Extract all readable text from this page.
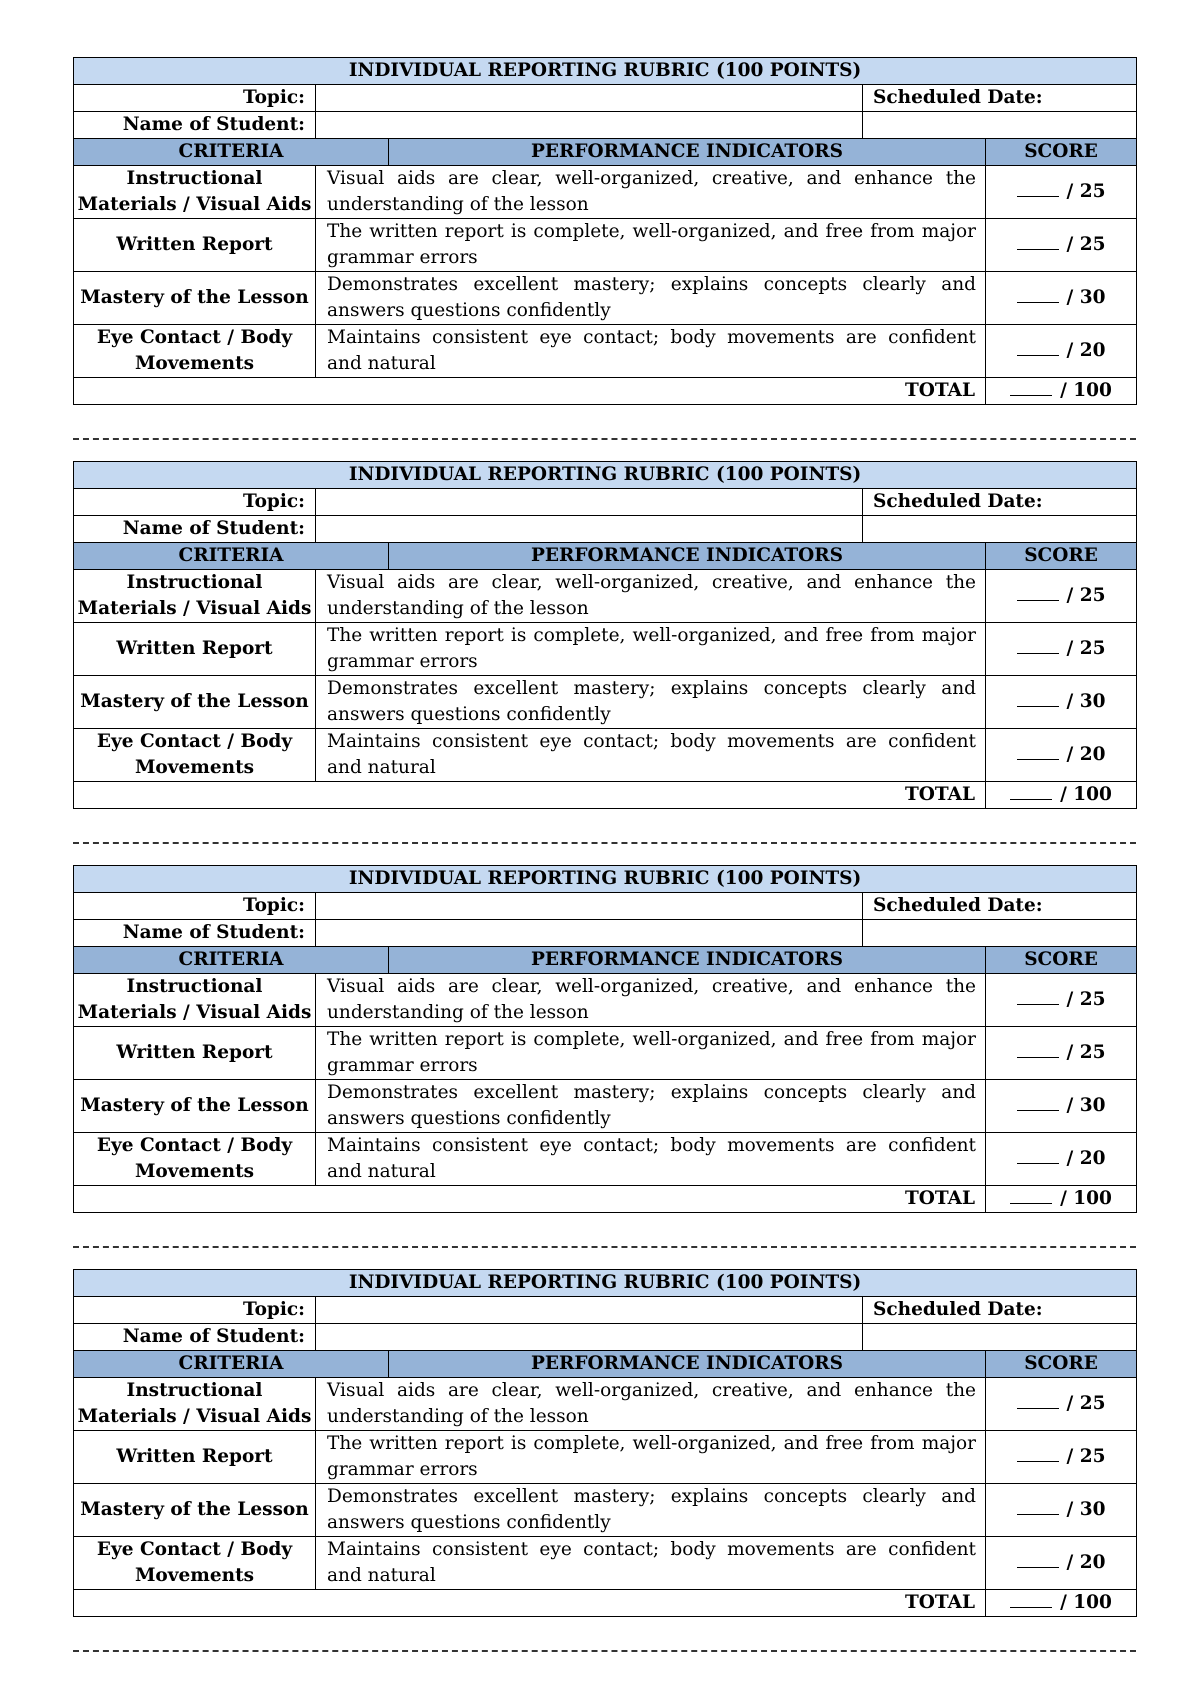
INDIVIDUAL REPORTING RUBRIC (100 POINTS)				
Topic:			Scheduled Date:	
Name of Student:				
CRITERIA		PERFORMANCE INDICATORS		SCORE
Instructional Materials / Visual Aids	Visual aids are clear, well-organized, creative, and enhance the understanding of the lesson			/ 25
Written Report	The written report is complete, well-organized, and free from major grammar errors			/ 25
Mastery of the Lesson	Demonstrates excellent mastery; explains concepts clearly and answers questions confidently			/ 30
Eye Contact / Body Movements	Maintains consistent eye contact; body movements are confident and natural			/ 20
TOTAL				/ 100
INDIVIDUAL REPORTING RUBRIC (100 POINTS)				
Topic:			Scheduled Date:	
Name of Student:				
CRITERIA		PERFORMANCE INDICATORS		SCORE
Instructional Materials / Visual Aids	Visual aids are clear, well-organized, creative, and enhance the understanding of the lesson			/ 25
Written Report	The written report is complete, well-organized, and free from major grammar errors			/ 25
Mastery of the Lesson	Demonstrates excellent mastery; explains concepts clearly and answers questions confidently			/ 30
Eye Contact / Body Movements	Maintains consistent eye contact; body movements are confident and natural			/ 20
TOTAL				/ 100
INDIVIDUAL REPORTING RUBRIC (100 POINTS)				
Topic:			Scheduled Date:	
Name of Student:				
CRITERIA		PERFORMANCE INDICATORS		SCORE
Instructional Materials / Visual Aids	Visual aids are clear, well-organized, creative, and enhance the understanding of the lesson			/ 25
Written Report	The written report is complete, well-organized, and free from major grammar errors			/ 25
Mastery of the Lesson	Demonstrates excellent mastery; explains concepts clearly and answers questions confidently			/ 30
Eye Contact / Body Movements	Maintains consistent eye contact; body movements are confident and natural			/ 20
TOTAL				/ 100
INDIVIDUAL REPORTING RUBRIC (100 POINTS)				
Topic:			Scheduled Date:	
Name of Student:				
CRITERIA		PERFORMANCE INDICATORS		SCORE
Instructional Materials / Visual Aids	Visual aids are clear, well-organized, creative, and enhance the understanding of the lesson			/ 25
Written Report	The written report is complete, well-organized, and free from major grammar errors			/ 25
Mastery of the Lesson	Demonstrates excellent mastery; explains concepts clearly and answers questions confidently			/ 30
Eye Contact / Body Movements	Maintains consistent eye contact; body movements are confident and natural			/ 20
TOTAL				/ 100
